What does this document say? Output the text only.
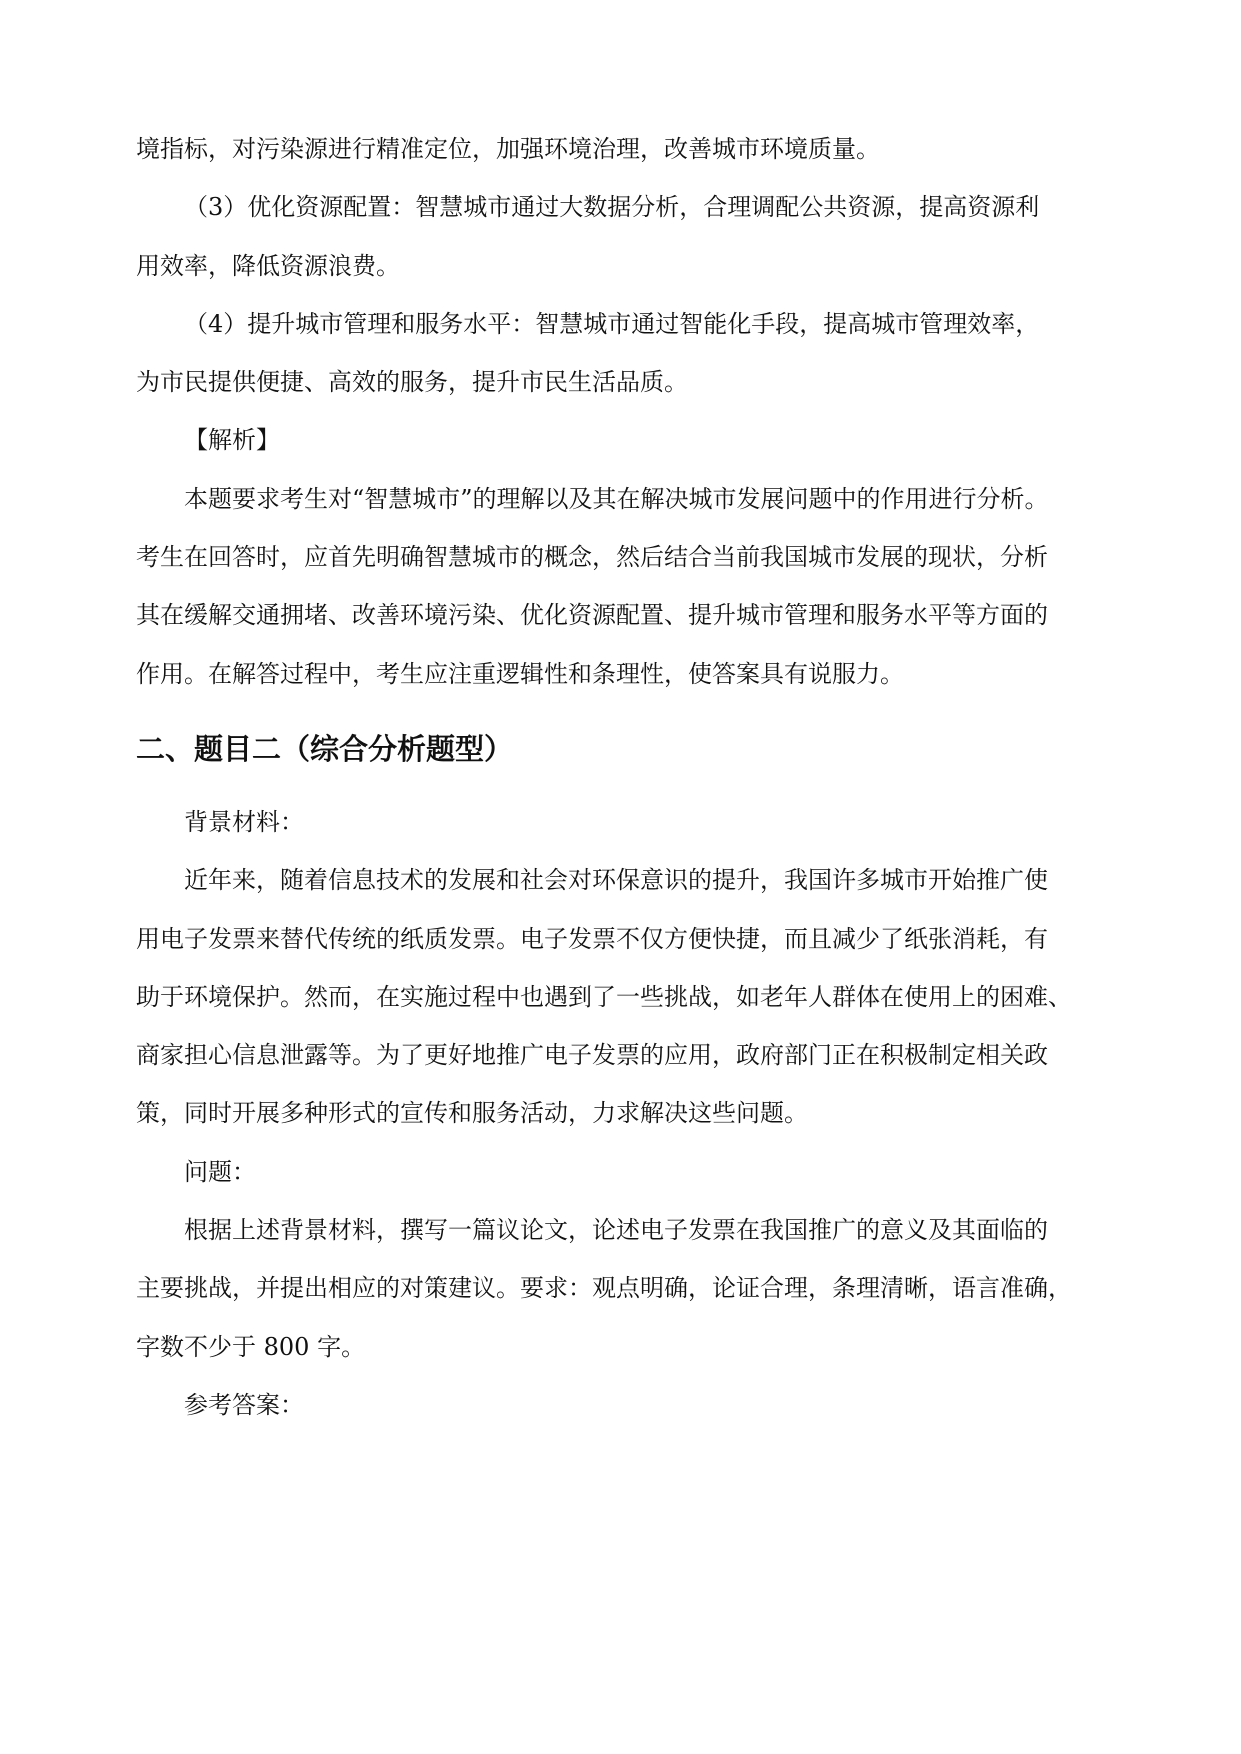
境指标，对污染源进行精准定位，加强环境治理，改善城市环境质量。
（3）优化资源配置：智慧城市通过大数据分析，合理调配公共资源，提高资源利
用效率，降低资源浪费。
（4）提升城市管理和服务水平：智慧城市通过智能化手段，提高城市管理效率，
为市民提供便捷、高效的服务，提升市民生活品质。
【解析】
本题要求考生对“智慧城市”的理解以及其在解决城市发展问题中的作用进行分析。
考生在回答时，应首先明确智慧城市的概念，然后结合当前我国城市发展的现状，分析
其在缓解交通拥堵、改善环境污染、优化资源配置、提升城市管理和服务水平等方面的
作用。在解答过程中，考生应注重逻辑性和条理性，使答案具有说服力。
二、题目二（综合分析题型）
背景材料：
近年来，随着信息技术的发展和社会对环保意识的提升，我国许多城市开始推广使
用电子发票来替代传统的纸质发票。电子发票不仅方便快捷，而且减少了纸张消耗，有
助于环境保护。然而，在实施过程中也遇到了一些挑战，如老年人群体在使用上的困难、
商家担心信息泄露等。为了更好地推广电子发票的应用，政府部门正在积极制定相关政
策，同时开展多种形式的宣传和服务活动，力求解决这些问题。
问题：
根据上述背景材料，撰写一篇议论文，论述电子发票在我国推广的意义及其面临的
主要挑战，并提出相应的对策建议。要求：观点明确，论证合理，条理清晰，语言准确，
字数不少于 800 字。
参考答案：
